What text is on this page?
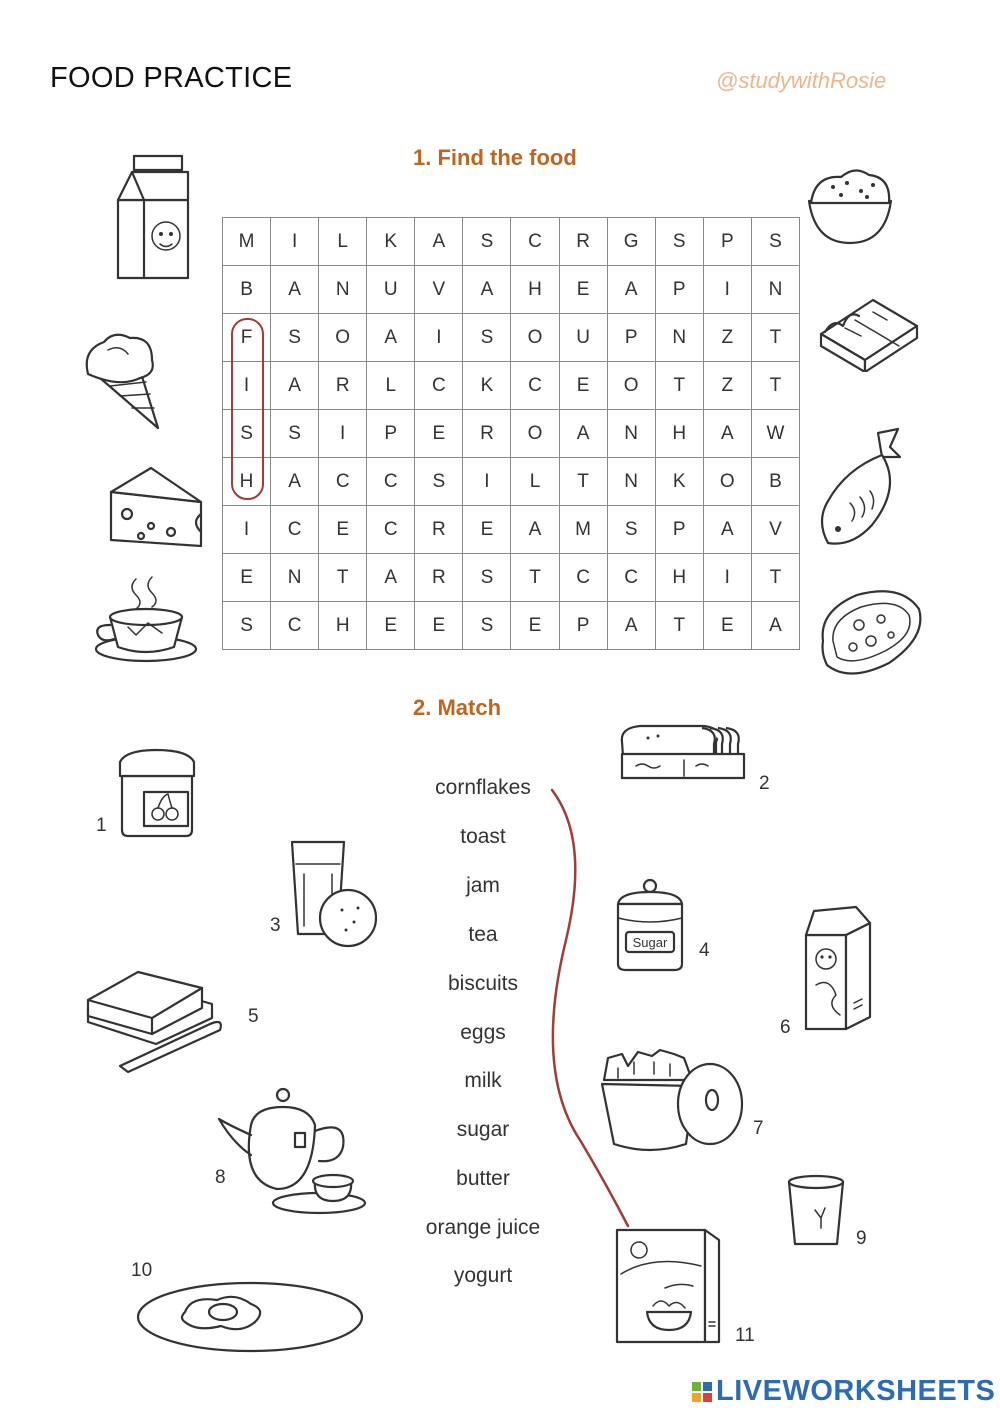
FOOD PRACTICE	@studywithRosie
1. Find the food
2. Match
M	I	L	K	A	S	C	R	G	S	P	S
B	A	N	U	V	A	H	E	A	P	I	N
F	S	O	A	I	S	O	U	P	N	Z	T
I	A	R	L	C	K	C	E	O	T	Z	T
S	S	I	P	E	R	O	A	N	H	A	W
H	A	C	C	S	I	L	T	N	K	O	B
I	C	E	C	R	E	A	M	S	P	A	V
E	N	T	A	R	S	T	C	C	H	I	T
S	C	H	E	E	S	E	P	A	T	E	A
Sugar
1
2
3
4
5
6
7
8
9
10
11
cornflakes
toast
jam
tea
biscuits
eggs
milk
sugar
butter
orange juice
yogurt
LIVEWORKSHEETS
